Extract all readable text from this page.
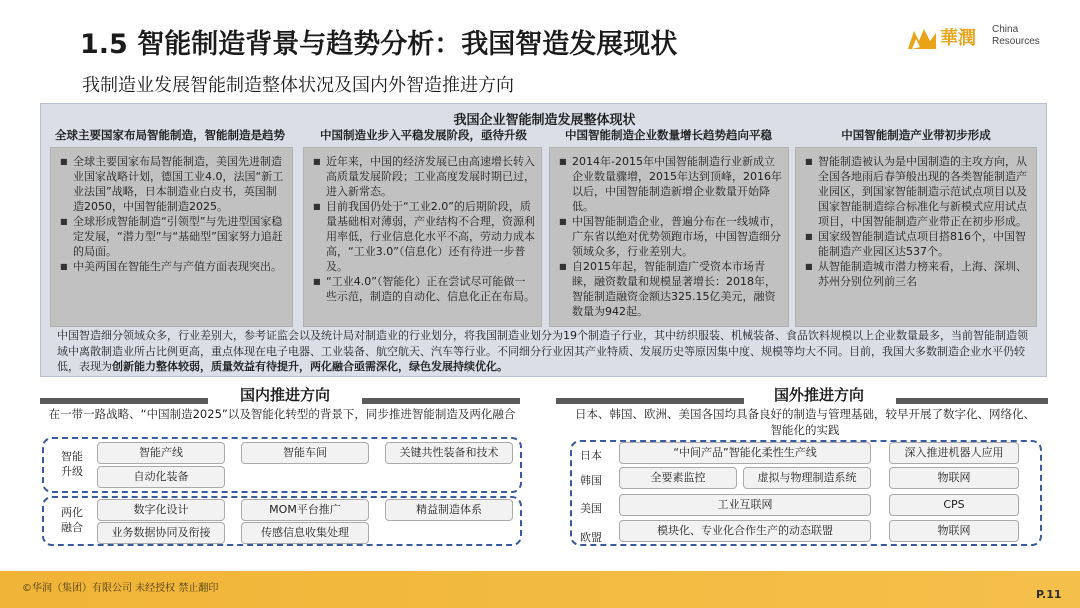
1.5 智能制造背景与趋势分析：我国智造发展现状
我制造业发展智能制造整体状况及国内外智造推进方向
華潤 China
Resources
我国企业智能制造发展整体现状
全球主要国家布局智能制造，智能制造是趋势	中国制造业步入平稳发展阶段，亟待升级	中国智能制造企业数量增长趋势趋向平稳	中国智能制造产业带初步形成
■ 全球主要国家布局智能制造，美国先进制造业国家战略计划，德国工业4.0，法国“新工业法国”战略，日本制造业白皮书，英国制造2050，中国智能制造2025。
■ 全球形成智能制造“引领型”与先进型国家稳定发展，“潜力型”与“基础型”国家努力追赶的局面。
■ 中美两国在智能生产与产值方面表现突出。
■ 近年来，中国的经济发展已由高速增长转入高质量发展阶段；工业高度发展时期已过，进入新常态。
■ 目前我国仍处于“工业2.0”的后期阶段，质量基础相对薄弱，产业结构不合理，资源利用率低，行业信息化水平不高，劳动力成本高，“工业3.0”（信息化）还有待进一步普及。
■ “工业4.0”（智能化）正在尝试尽可能做一些示范，制造的自动化、信息化正在布局。
■ 2014年-2015年中国智能制造行业新成立企业数量骤增，2015年达到顶峰，2016年以后，中国智能制造新增企业数量开始降低。
■ 中国智能制造企业，普遍分布在一线城市，广东省以绝对优势领跑市场，中国智造细分领域众多，行业差别大。
■ 自2015年起，智能制造广受资本市场青睐，融资数量和规模显著增长：2018年，智能制造融资金额达325.15亿美元，融资数量为942起。
■ 智能制造被认为是中国制造的主攻方向，从全国各地雨后春笋般出现的各类智能制造产业园区，到国家智能制造示范试点项目以及国家智能制造综合标准化与新模式应用试点项目，中国智能制造产业带正在初步形成。
■ 国家级智能制造试点项目搭816个，中国智能制造产业园区达537个。
■ 从智能制造城市潜力榜来看，上海、深圳、苏州分别位列前三名
中国智造细分领域众多，行业差别大，参考证监会以及统计局对制造业的行业划分，将我国制造业划分为19个制造子行业，其中纺织服装、机械装备、食品饮料规模以上企业数量最多，当前智能制造领域中离散制造业所占比例更高，重点体现在电子电器、工业装备、航空航天、汽车等行业。不同细分行业因其产业特质、发展历史等原因集中度、规模等均大不同。目前，我国大多数制造企业水平仍较低，表现为创新能力整体较弱，质量效益有待提升，两化融合亟需深化，绿色发展持续优化。
国内推进方向
在一带一路战略、“中国制造2025”以及智能化转型的背景下，同步推进智能制造及两化融合
智能
升级
智能产线	智能车间	关键共性装备和技术
自动化装备
两化
融合
数字化设计	MOM平台推广	精益制造体系
业务数据协同及衔接	传感信息收集处理
国外推进方向
日本、韩国、欧洲、美国各国均具备良好的制造与管理基础，较早开展了数字化、网络化、智能化的实践
日本
韩国
美国
欧盟
“中间产品”智能化柔性生产线	深入推进机器人应用
全要素监控	虚拟与物理制造系统	物联网
工业互联网	CPS
模块化、专业化合作生产的动态联盟	物联网
©华润（集团）有限公司 未经授权 禁止翻印	P.11
